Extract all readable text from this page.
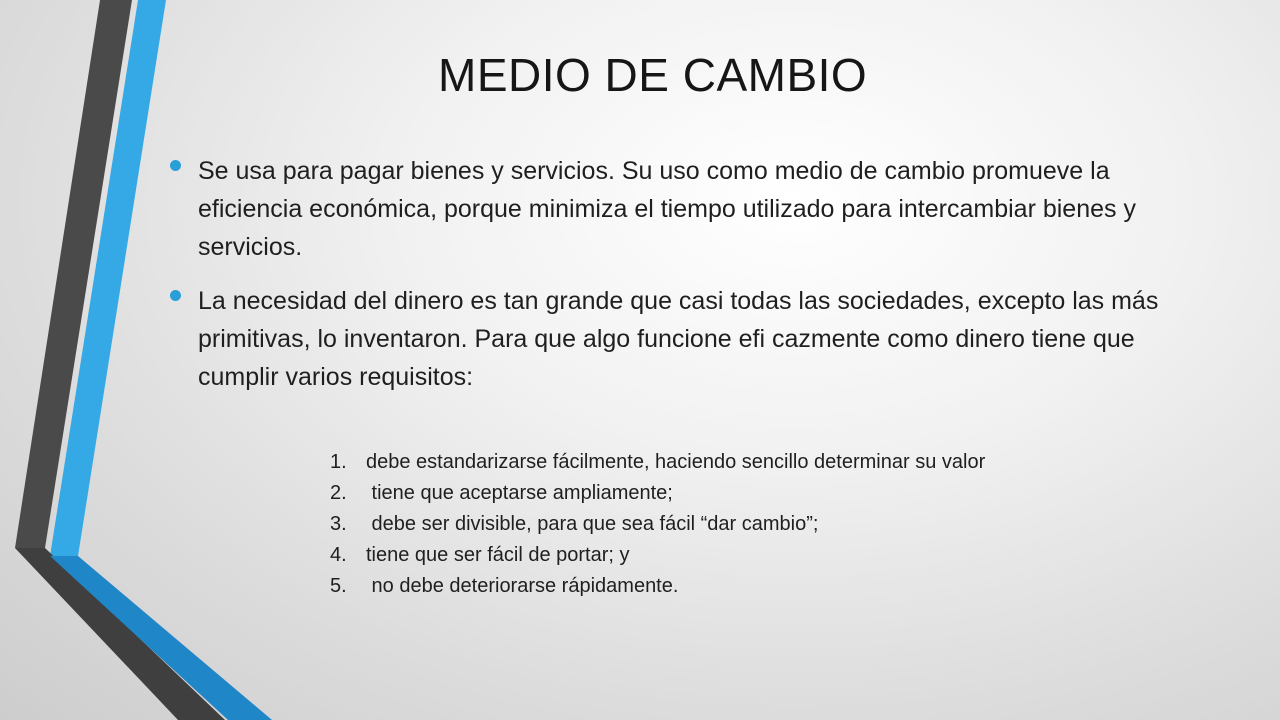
MEDIO DE CAMBIO
Se usa para pagar bienes y servicios. Su uso como medio de cambio promueve la eficiencia económica, porque minimiza el tiempo utilizado para intercambiar bienes y servicios.
La necesidad del dinero es tan grande que casi todas las sociedades, excepto las más primitivas, lo inventaron. Para que algo funcione efi cazmente como dinero tiene que cumplir varios requisitos:
1. debe estandarizarse fácilmente, haciendo sencillo determinar su valor
2. tiene que aceptarse ampliamente;
3. debe ser divisible, para que sea fácil “dar cambio”;
4. tiene que ser fácil de portar; y
5. no debe deteriorarse rápidamente.
